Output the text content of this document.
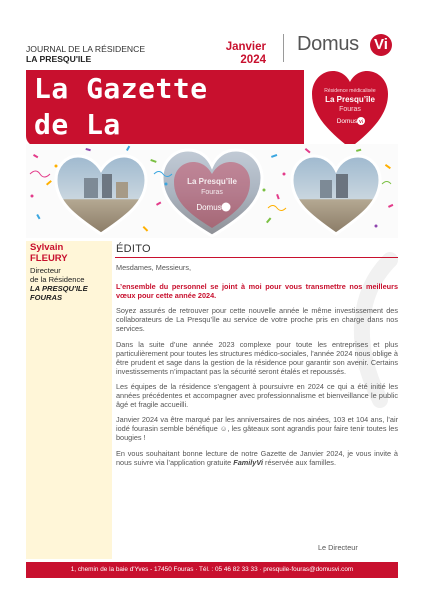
JOURNAL DE LA RÉSIDENCE
LA PRESQU'ILE
Janvier
2024
Domus Vi
La Gazette
de La
Résidence médicalisée
La Presqu’île
Fouras
Domus Vi
La Presqu’île
Fouras
Domus
Sylvain
FLEURY
Directeur
de la Résidence
LA PRESQU'ILE
FOURAS
ÉDITO

Mesdames, Messieurs,

L’ensemble du personnel se joint à moi pour vous transmettre nos meilleurs vœux pour cette année 2024.

Soyez assurés de retrouver pour cette nouvelle année le même investissement des collaborateurs de La Presqu’île au service de votre proche pris en charge dans nos services.

Dans la suite d’une année 2023 complexe pour toute les entreprises et plus particulièrement pour toutes les structures médico-sociales, l’année 2024 nous oblige à être prudent et sage dans la gestion de la résidence pour garantir son avenir. Certains investissements n’impactant pas la sécurité seront étalés et repoussés.

Les équipes de la résidence s’engagent à poursuivre en 2024 ce qui a été initié les années précédentes et accompagner avec professionnalisme et bienveillance le public âgé et fragile accueilli.

Janvier 2024 va être marqué par les anniversaires de nos ainées, 103 et 104 ans, l’air iodé fourasin semble bénéfique ☺, les gâteaux sont agrandis pour faire tenir toutes les bougies !

En vous souhaitant bonne lecture de notre Gazette de Janvier 2024, je vous invite à nous suivre via l’application gratuite FamilyVi réservée aux familles.

Le Directeur
1, chemin de la baie d'Yves - 17450 Fouras · Tél. : 05 46 82 33 33 · presquile-fouras@domusvi.com
